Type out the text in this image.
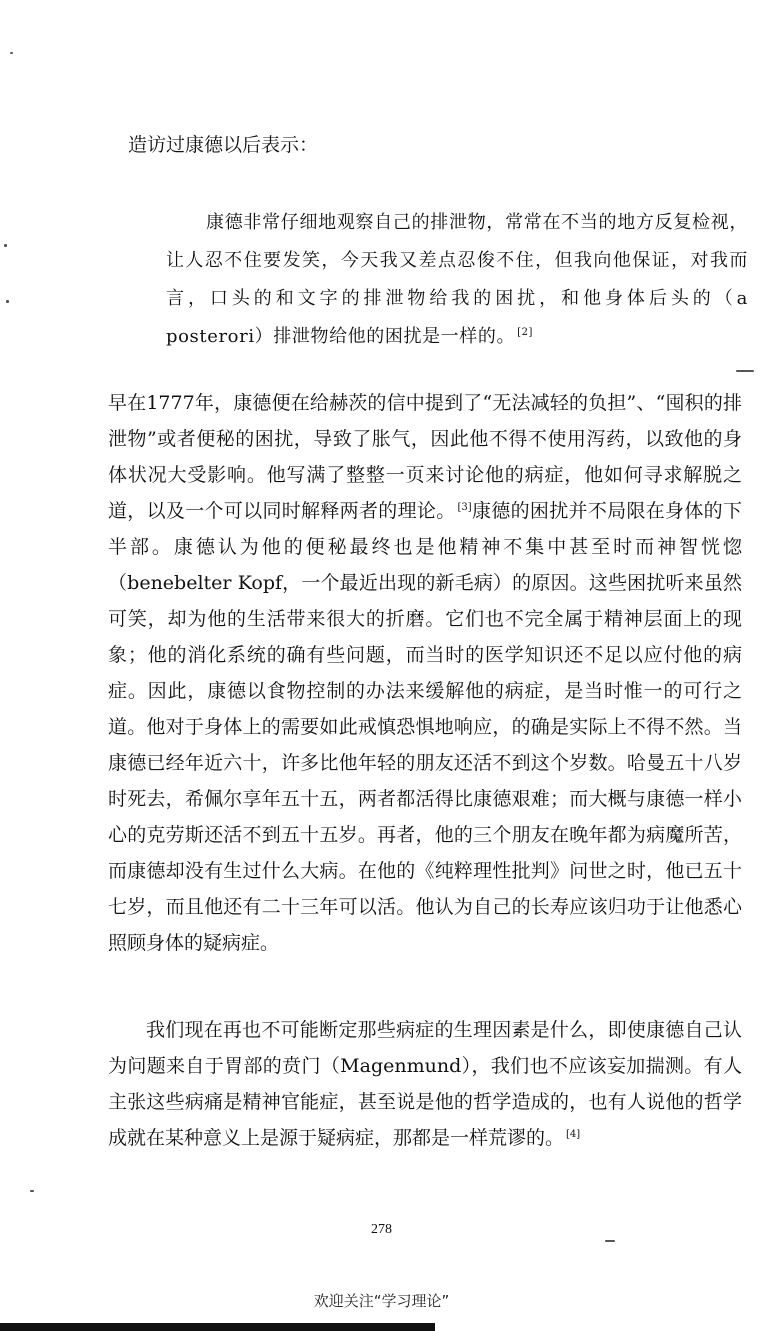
造访过康德以后表示：
康德非常仔细地观察自己的排泄物，常常在不当的地方反复检视，让人忍不住要发笑，今天我又差点忍俊不住，但我向他保证，对我而言，口头的和文字的排泄物给我的困扰，和他身体后头的（a posterori）排泄物给他的困扰是一样的。 [2]
早在1777年，康德便在给赫茨的信中提到了“无法减轻的负担”、“囤积的排泄物”或者便秘的困扰，导致了胀气，因此他不得不使用泻药，以致他的身体状况大受影响。他写满了整整一页来讨论他的病症，他如何寻求解脱之道，以及一个可以同时解释两者的理论。 [3]康德的困扰并不局限在身体的下半部。康德认为他的便秘最终也是他精神不集中甚至时而神智恍惚（benebelter Kopf，一个最近出现的新毛病）的原因。这些困扰听来虽然可笑，却为他的生活带来很大的折磨。它们也不完全属于精神层面上的现象；他的消化系统的确有些问题，而当时的医学知识还不足以应付他的病症。因此，康德以食物控制的办法来缓解他的病症，是当时惟一的可行之道。他对于身体上的需要如此戒慎恐惧地响应，的确是实际上不得不然。当康德已经年近六十，许多比他年轻的朋友还活不到这个岁数。哈曼五十八岁时死去，希佩尔享年五十五，两者都活得比康德艰难；而大概与康德一样小心的克劳斯还活不到五十五岁。再者，他的三个朋友在晚年都为病魔所苦，而康德却没有生过什么大病。在他的《纯粹理性批判》问世之时，他已五十七岁，而且他还有二十三年可以活。他认为自己的长寿应该归功于让他悉心照顾身体的疑病症。
我们现在再也不可能断定那些病症的生理因素是什么，即使康德自己认为问题来自于胃部的贲门（Magenmund），我们也不应该妄加揣测。有人主张这些病痛是精神官能症，甚至说是他的哲学造成的，也有人说他的哲学成就在某种意义上是源于疑病症，那都是一样荒谬的。 [4]
278
欢迎关注“学习理论”
